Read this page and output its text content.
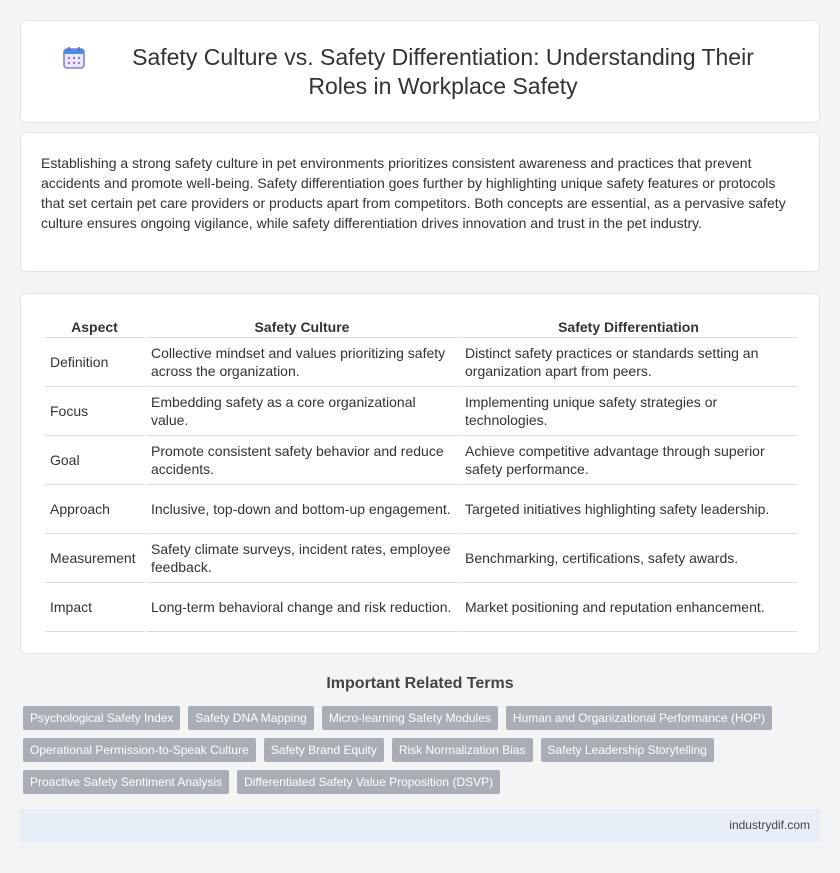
Safety Culture vs. Safety Differentiation: Understanding Their Roles in Workplace Safety

Establishing a strong safety culture in pet environments prioritizes consistent awareness and practices that prevent accidents and promote well-being. Safety differentiation goes further by highlighting unique safety features or protocols that set certain pet care providers or products apart from competitors. Both concepts are essential, as a pervasive safety culture ensures ongoing vigilance, while safety differentiation drives innovation and trust in the pet industry.

Aspect	Safety Culture	Safety Differentiation
Definition	Collective mindset and values prioritizing safety across the organization.	Distinct safety practices or standards setting an organization apart from peers.
Focus	Embedding safety as a core organizational value.	Implementing unique safety strategies or technologies.
Goal	Promote consistent safety behavior and reduce accidents.	Achieve competitive advantage through superior safety performance.
Approach	Inclusive, top-down and bottom-up engagement.	Targeted initiatives highlighting safety leadership.
Measurement	Safety climate surveys, incident rates, employee feedback.	Benchmarking, certifications, safety awards.
Impact	Long-term behavioral change and risk reduction.	Market positioning and reputation enhancement.
Important Related Terms
Psychological Safety Index	Safety DNA Mapping	Micro-learning Safety Modules	Human and Organizational Performance (HOP)
Operational Permission-to-Speak Culture	Safety Brand Equity	Risk Normalization Bias	Safety Leadership Storytelling
Proactive Safety Sentiment Analysis	Differentiated Safety Value Proposition (DSVP)
industrydif.com
